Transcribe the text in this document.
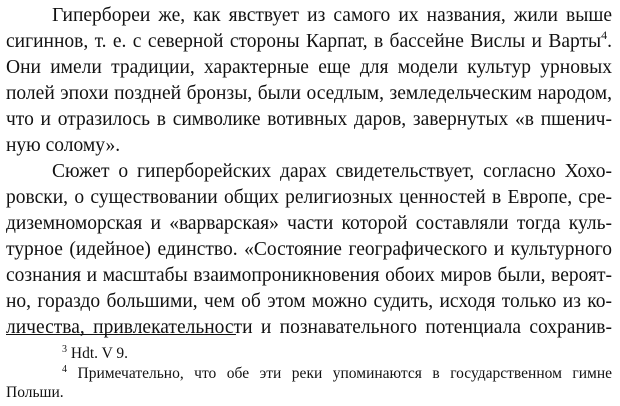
Гипербореи же, как явствует из самого их названия, жили выше
сигиннов, т. е. с северной стороны Карпат, в бассейне Вислы и Варты$^4$.
Они имели традиции, характерные еще для модели культур урновых
полей эпохи поздней бронзы, были оседлым, земледельческим народом,
что и отразилось в символике вотивных даров, завернутых «в пшенич-
ную солому».
Сюжет о гиперборейских дарах свидетельствует, согласно Хохо-
ровски, о существовании общих религиозных ценностей в Европе, сре-
диземноморская и «варварская» части которой составляли тогда куль-
турное (идейное) единство. «Состояние географического и культурного
сознания и масштабы взаимопроникновения обоих миров были, вероят-
но, гораздо большими, чем об этом можно судить, исходя только из ко-
личества, привлекательности и познавательного потенциала сохранив-
$^3$ Hdt. V 9.
$^4$ Примечательно, что обе эти реки упоминаются в государственном гимне
Польши.
